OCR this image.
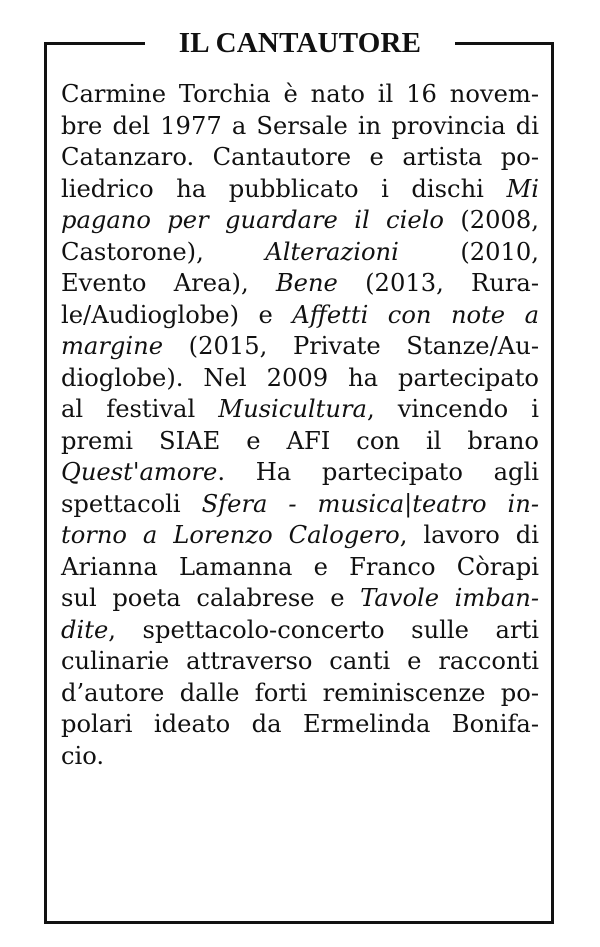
IL CANTAUTORE
Carmine Torchia è nato il 16 novem-
bre del 1977 a Sersale in provincia di
Catanzaro. Cantautore e artista po-
liedrico ha pubblicato i dischi Mi
pagano per guardare il cielo (2008,
Castorone), Alterazioni (2010,
Evento Area), Bene (2013, Rura-
le/Audioglobe) e Affetti con note a
margine (2015, Private Stanze/Au-
dioglobe). Nel 2009 ha partecipato
al festival Musicultura, vincendo i
premi SIAE e AFI con il brano
Quest'amore. Ha partecipato agli
spettacoli Sfera - musica|teatro in-
torno a Lorenzo Calogero, lavoro di
Arianna Lamanna e Franco Còrapi
sul poeta calabrese e Tavole imban-
dite, spettacolo-concerto sulle arti
culinarie attraverso canti e racconti
d’autore dalle forti reminiscenze po-
polari ideato da Ermelinda Bonifa-
cio.
